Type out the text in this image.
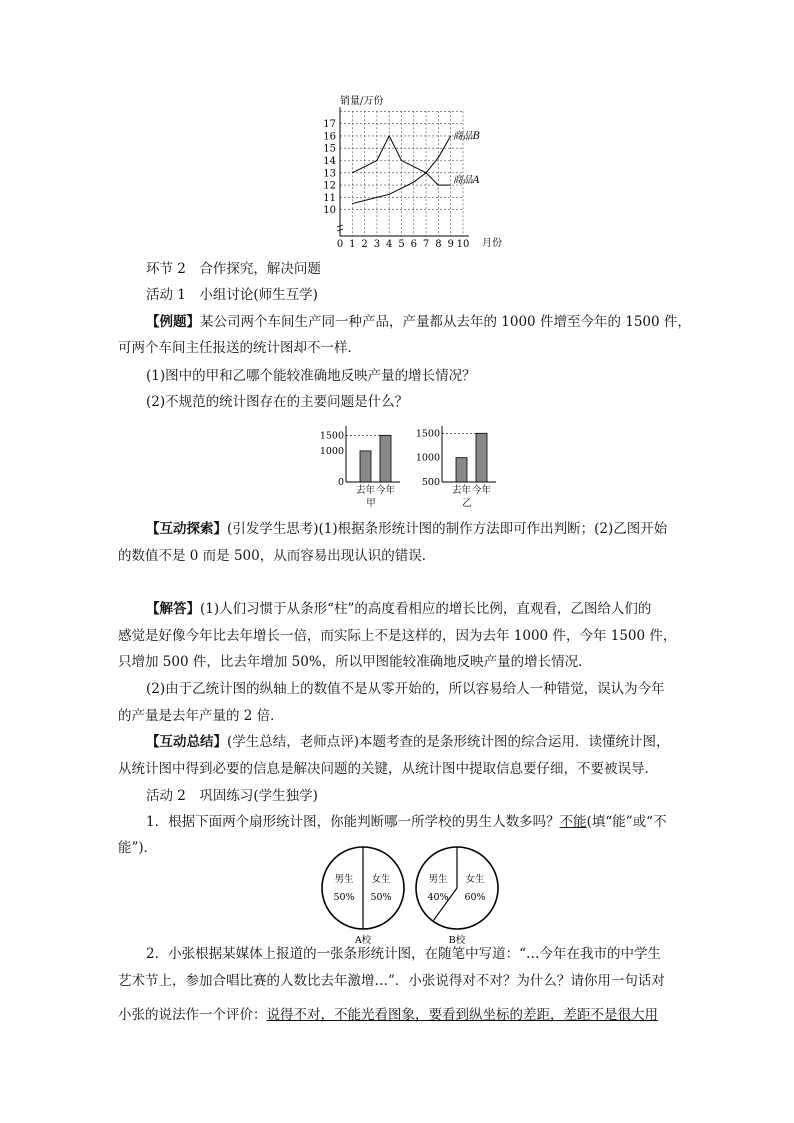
销量/万份
10
11
12
13
14
15
16
17
0 1 2 3 4 5 6 7 8 9 10
商品A
商品B
月份
环节 2　合作探究，解决问题
活动 1　小组讨论(师生互学)
【例题】某公司两个车间生产同一种产品，产量都从去年的 1000 件增至今年的 1500 件，
可两个车间主任报送的统计图却不一样．
(1)图中的甲和乙哪个能较准确地反映产量的增长情况？
(2)不规范的统计图存在的主要问题是什么？
0
1000
1500
去年 今年
甲
500
1000
1500
去年 今年
乙
【互动探索】(引发学生思考)(1)根据条形统计图的制作方法即可作出判断；(2)乙图开始
的数值不是 0 而是 500，从而容易出现认识的错误．
【解答】(1)人们习惯于从条形“柱”的高度看相应的增长比例，直观看，乙图给人们的
感觉是好像今年比去年增长一倍，而实际上不是这样的，因为去年 1000 件，今年 1500 件，
只增加 500 件，比去年增加 50%，所以甲图能较准确地反映产量的增长情况．
(2)由于乙统计图的纵轴上的数值不是从零开始的，所以容易给人一种错觉，误认为今年
的产量是去年产量的 2 倍．
【互动总结】(学生总结，老师点评)本题考查的是条形统计图的综合运用．读懂统计图，
从统计图中得到必要的信息是解决问题的关键，从统计图中提取信息要仔细，不要被误导．
活动 2　巩固练习(学生独学)
1．根据下面两个扇形统计图，你能判断哪一所学校的男生人数多吗？不能(填“能”或“不
能”)．
男生
50%
女生
50%
A校
男生
40%
女生
60%
B校
2．小张根据某媒体上报道的一张条形统计图，在随笔中写道：“…今年在我市的中学生
艺术节上，参加合唱比赛的人数比去年激增…”．小张说得对不对？为什么？请你用一句话对
小张的说法作一个评价：说得不对，不能光看图象，要看到纵坐标的差距，差距不是很大用
